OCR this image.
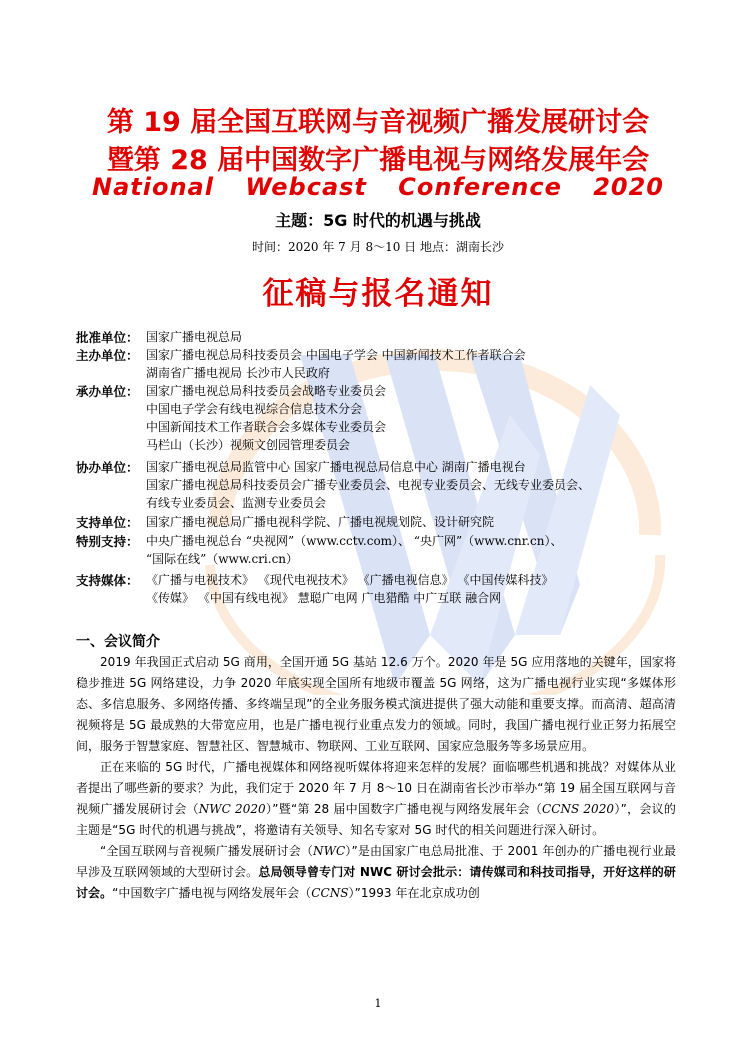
第 19 届全国互联网与音视频广播发展研讨会
暨第 28 届中国数字广播电视与网络发展年会
National Webcast Conference 2020
主题：5G 时代的机遇与挑战
时间：2020 年 7 月 8～10 日 地点：湖南长沙
征稿与报名通知
批准单位： 国家广播电视总局
主办单位： 国家广播电视总局科技委员会 中国电子学会 中国新闻技术工作者联合会
湖南省广播电视局 长沙市人民政府
承办单位： 国家广播电视总局科技委员会战略专业委员会
中国电子学会有线电视综合信息技术分会
中国新闻技术工作者联合会多媒体专业委员会
马栏山（长沙）视频文创园管理委员会
协办单位： 国家广播电视总局监管中心 国家广播电视总局信息中心 湖南广播电视台
国家广播电视总局科技委员会广播专业委员会、电视专业委员会、无线专业委员会、
有线专业委员会、监测专业委员会
支持单位： 国家广播电视总局广播电视科学院、广播电视规划院、设计研究院
特别支持： 中央广播电视总台 “央视网”（www.cctv.com）、 “央广网”（www.cnr.cn）、
“国际在线”（www.cri.cn）
支持媒体： 《广播与电视技术》 《现代电视技术》 《广播电视信息》 《中国传媒科技》
《传媒》 《中国有线电视》 慧聪广电网 广电猎酷 中广互联 融合网
一、会议简介

2019 年我国正式启动 5G 商用，全国开通 5G 基站 12.6 万个。2020 年是 5G 应用落地的关键年，国家将稳步推进 5G 网络建设，力争 2020 年底实现全国所有地级市覆盖 5G 网络，这为广播电视行业实现“多媒体形态、多信息服务、多网络传播、多终端呈现”的全业务服务模式演进提供了强大动能和重要支撑。而高清、超高清视频将是 5G 最成熟的大带宽应用，也是广播电视行业重点发力的领域。同时，我国广播电视行业正努力拓展空间，服务于智慧家庭、智慧社区、智慧城市、物联网、工业互联网、国家应急服务等多场景应用。

正在来临的 5G 时代，广播电视媒体和网络视听媒体将迎来怎样的发展？面临哪些机遇和挑战？对媒体从业者提出了哪些新的要求？为此，我们定于 2020 年 7 月 8～10 日在湖南省长沙市举办“第 19 届全国互联网与音视频广播发展研讨会（NWC 2020）”暨“第 28 届中国数字广播电视与网络发展年会（CCNS 2020）”，会议的主题是“5G 时代的机遇与挑战”，将邀请有关领导、知名专家对 5G 时代的相关问题进行深入研讨。

“全国互联网与音视频广播发展研讨会（NWC）”是由国家广电总局批准、于 2001 年创办的广播电视行业最早涉及互联网领域的大型研讨会。总局领导曾专门对 NWC 研讨会批示：请传媒司和科技司指导，开好这样的研讨会。“中国数字广播电视与网络发展年会（CCNS）”1993 年在北京成功创

1
